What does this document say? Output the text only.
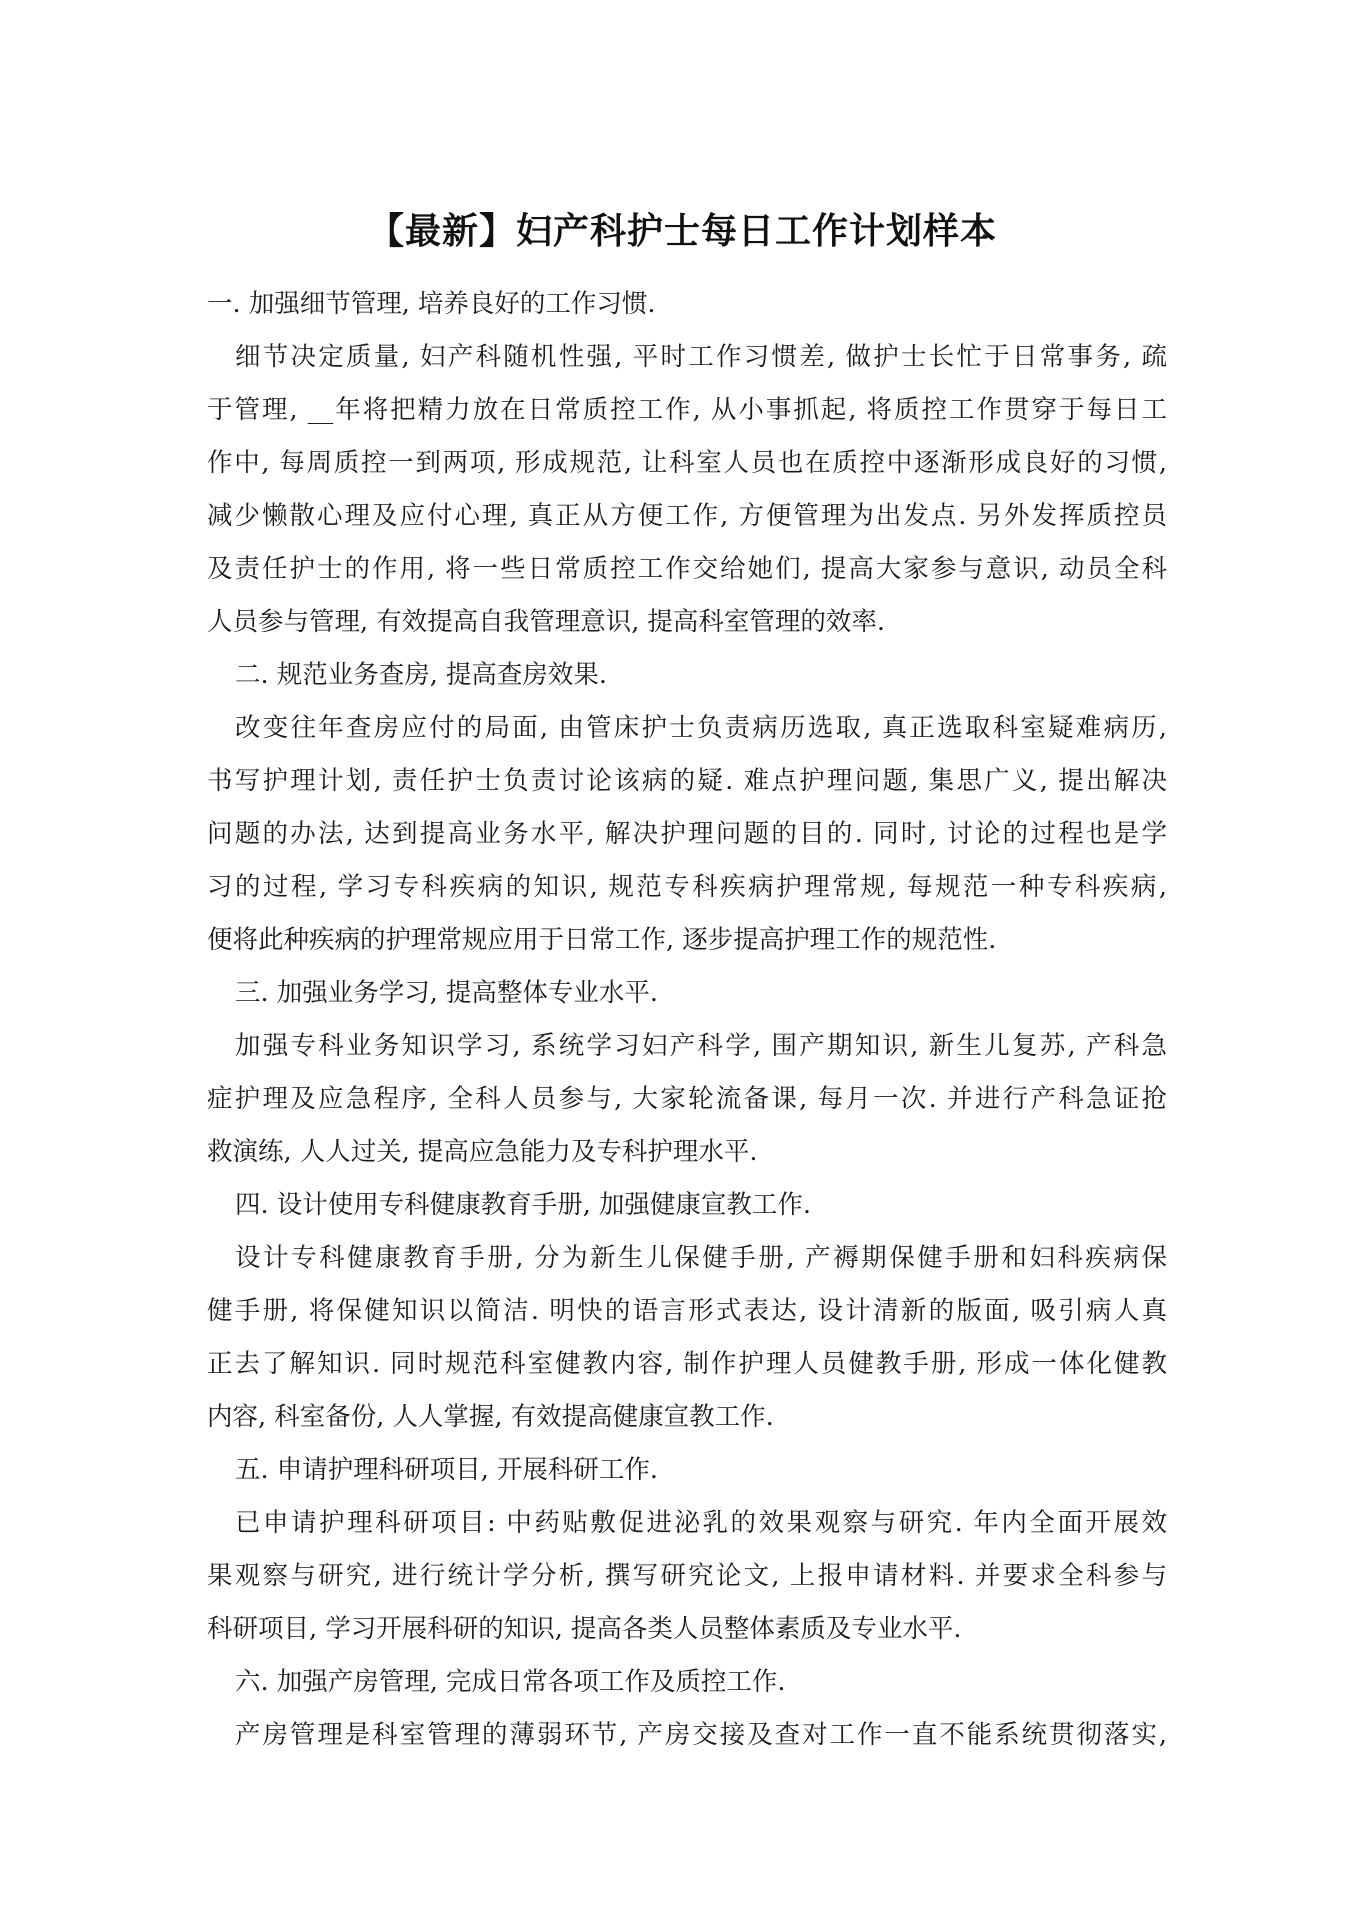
【最新】妇产科护士每日工作计划样本
一. 加强细节管理, 培养良好的工作习惯.
细节决定质量, 妇产科随机性强, 平时工作习惯差, 做护士长忙于日常事务, 疏
于管理, __年将把精力放在日常质控工作, 从小事抓起, 将质控工作贯穿于每日工
作中, 每周质控一到两项, 形成规范, 让科室人员也在质控中逐渐形成良好的习惯,
减少懒散心理及应付心理, 真正从方便工作, 方便管理为出发点. 另外发挥质控员
及责任护士的作用, 将一些日常质控工作交给她们, 提高大家参与意识, 动员全科
人员参与管理, 有效提高自我管理意识, 提高科室管理的效率.
二. 规范业务查房, 提高查房效果.
改变往年查房应付的局面, 由管床护士负责病历选取, 真正选取科室疑难病历,
书写护理计划, 责任护士负责讨论该病的疑. 难点护理问题, 集思广义, 提出解决
问题的办法, 达到提高业务水平, 解决护理问题的目的. 同时, 讨论的过程也是学
习的过程, 学习专科疾病的知识, 规范专科疾病护理常规, 每规范一种专科疾病,
便将此种疾病的护理常规应用于日常工作, 逐步提高护理工作的规范性.
三. 加强业务学习, 提高整体专业水平.
加强专科业务知识学习, 系统学习妇产科学, 围产期知识, 新生儿复苏, 产科急
症护理及应急程序, 全科人员参与, 大家轮流备课, 每月一次. 并进行产科急证抢
救演练, 人人过关, 提高应急能力及专科护理水平.
四. 设计使用专科健康教育手册, 加强健康宣教工作.
设计专科健康教育手册, 分为新生儿保健手册, 产褥期保健手册和妇科疾病保
健手册, 将保健知识以简洁. 明快的语言形式表达, 设计清新的版面, 吸引病人真
正去了解知识. 同时规范科室健教内容, 制作护理人员健教手册, 形成一体化健教
内容, 科室备份, 人人掌握, 有效提高健康宣教工作.
五. 申请护理科研项目, 开展科研工作.
已申请护理科研项目: 中药贴敷促进泌乳的效果观察与研究. 年内全面开展效
果观察与研究, 进行统计学分析, 撰写研究论文, 上报申请材料. 并要求全科参与
科研项目, 学习开展科研的知识, 提高各类人员整体素质及专业水平.
六. 加强产房管理, 完成日常各项工作及质控工作.
产房管理是科室管理的薄弱环节, 产房交接及查对工作一直不能系统贯彻落实,
